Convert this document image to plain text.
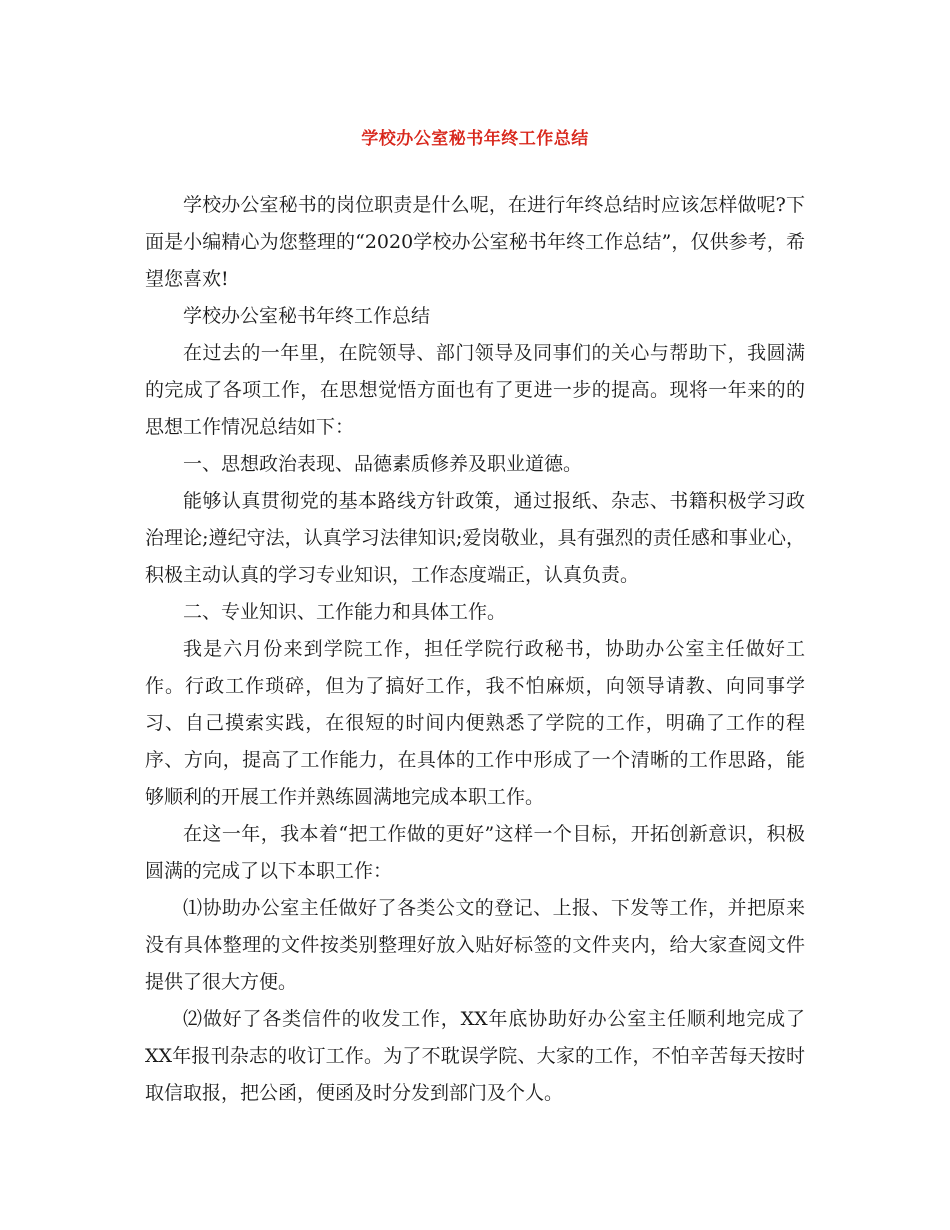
学校办公室秘书年终工作总结

学校办公室秘书的岗位职责是什么呢，在进行年终总结时应该怎样做呢?下面是小编精心为您整理的“2020学校办公室秘书年终工作总结”，仅供参考，希望您喜欢!

学校办公室秘书年终工作总结

在过去的一年里，在院领导、部门领导及同事们的关心与帮助下，我圆满的完成了各项工作，在思想觉悟方面也有了更进一步的提高。现将一年来的的思想工作情况总结如下：

一、思想政治表现、品德素质修养及职业道德。

能够认真贯彻党的基本路线方针政策，通过报纸、杂志、书籍积极学习政治理论;遵纪守法，认真学习法律知识;爱岗敬业，具有强烈的责任感和事业心，积极主动认真的学习专业知识，工作态度端正，认真负责。

二、专业知识、工作能力和具体工作。

我是六月份来到学院工作，担任学院行政秘书，协助办公室主任做好工作。行政工作琐碎，但为了搞好工作，我不怕麻烦，向领导请教、向同事学习、自己摸索实践，在很短的时间内便熟悉了学院的工作，明确了工作的程序、方向，提高了工作能力，在具体的工作中形成了一个清晰的工作思路，能够顺利的开展工作并熟练圆满地完成本职工作。

在这一年，我本着“把工作做的更好”这样一个目标，开拓创新意识，积极圆满的完成了以下本职工作：

⑴协助办公室主任做好了各类公文的登记、上报、下发等工作，并把原来没有具体整理的文件按类别整理好放入贴好标签的文件夹内，给大家查阅文件提供了很大方便。

⑵做好了各类信件的收发工作，XX年底协助好办公室主任顺利地完成了XX年报刊杂志的收订工作。为了不耽误学院、大家的工作，不怕辛苦每天按时取信取报，把公函，便函及时分发到部门及个人。
